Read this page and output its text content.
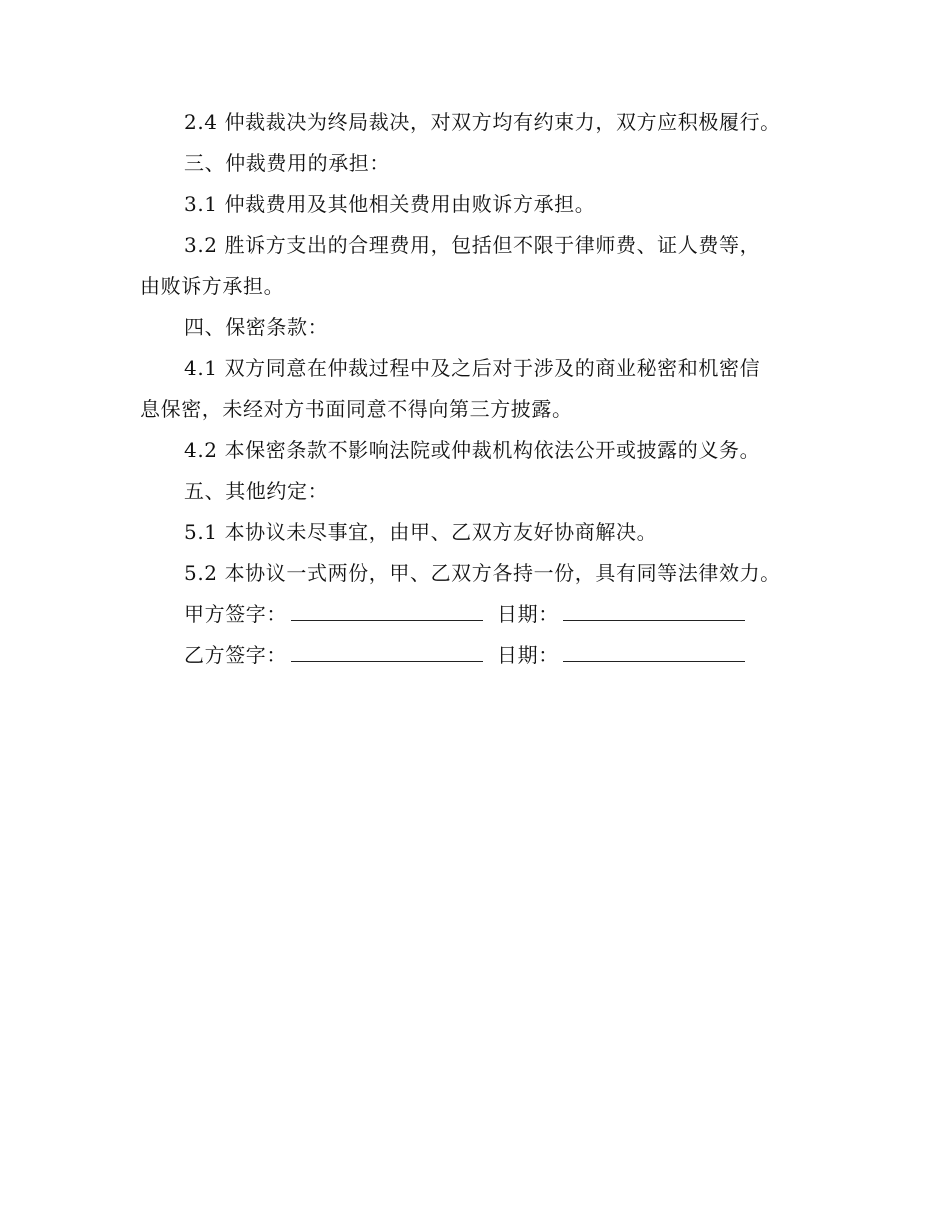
2.4 仲裁裁决为终局裁决，对双方均有约束力，双方应积极履行。
三、仲裁费用的承担：
3.1 仲裁费用及其他相关费用由败诉方承担。
3.2 胜诉方支出的合理费用，包括但不限于律师费、证人费等，
由败诉方承担。
四、保密条款：
4.1 双方同意在仲裁过程中及之后对于涉及的商业秘密和机密信
息保密，未经对方书面同意不得向第三方披露。
4.2 本保密条款不影响法院或仲裁机构依法公开或披露的义务。
五、其他约定：
5.1 本协议未尽事宜，由甲、乙双方友好协商解决。
5.2 本协议一式两份，甲、乙双方各持一份，具有同等法律效力。
甲方签字：	日期：
乙方签字：	日期：
